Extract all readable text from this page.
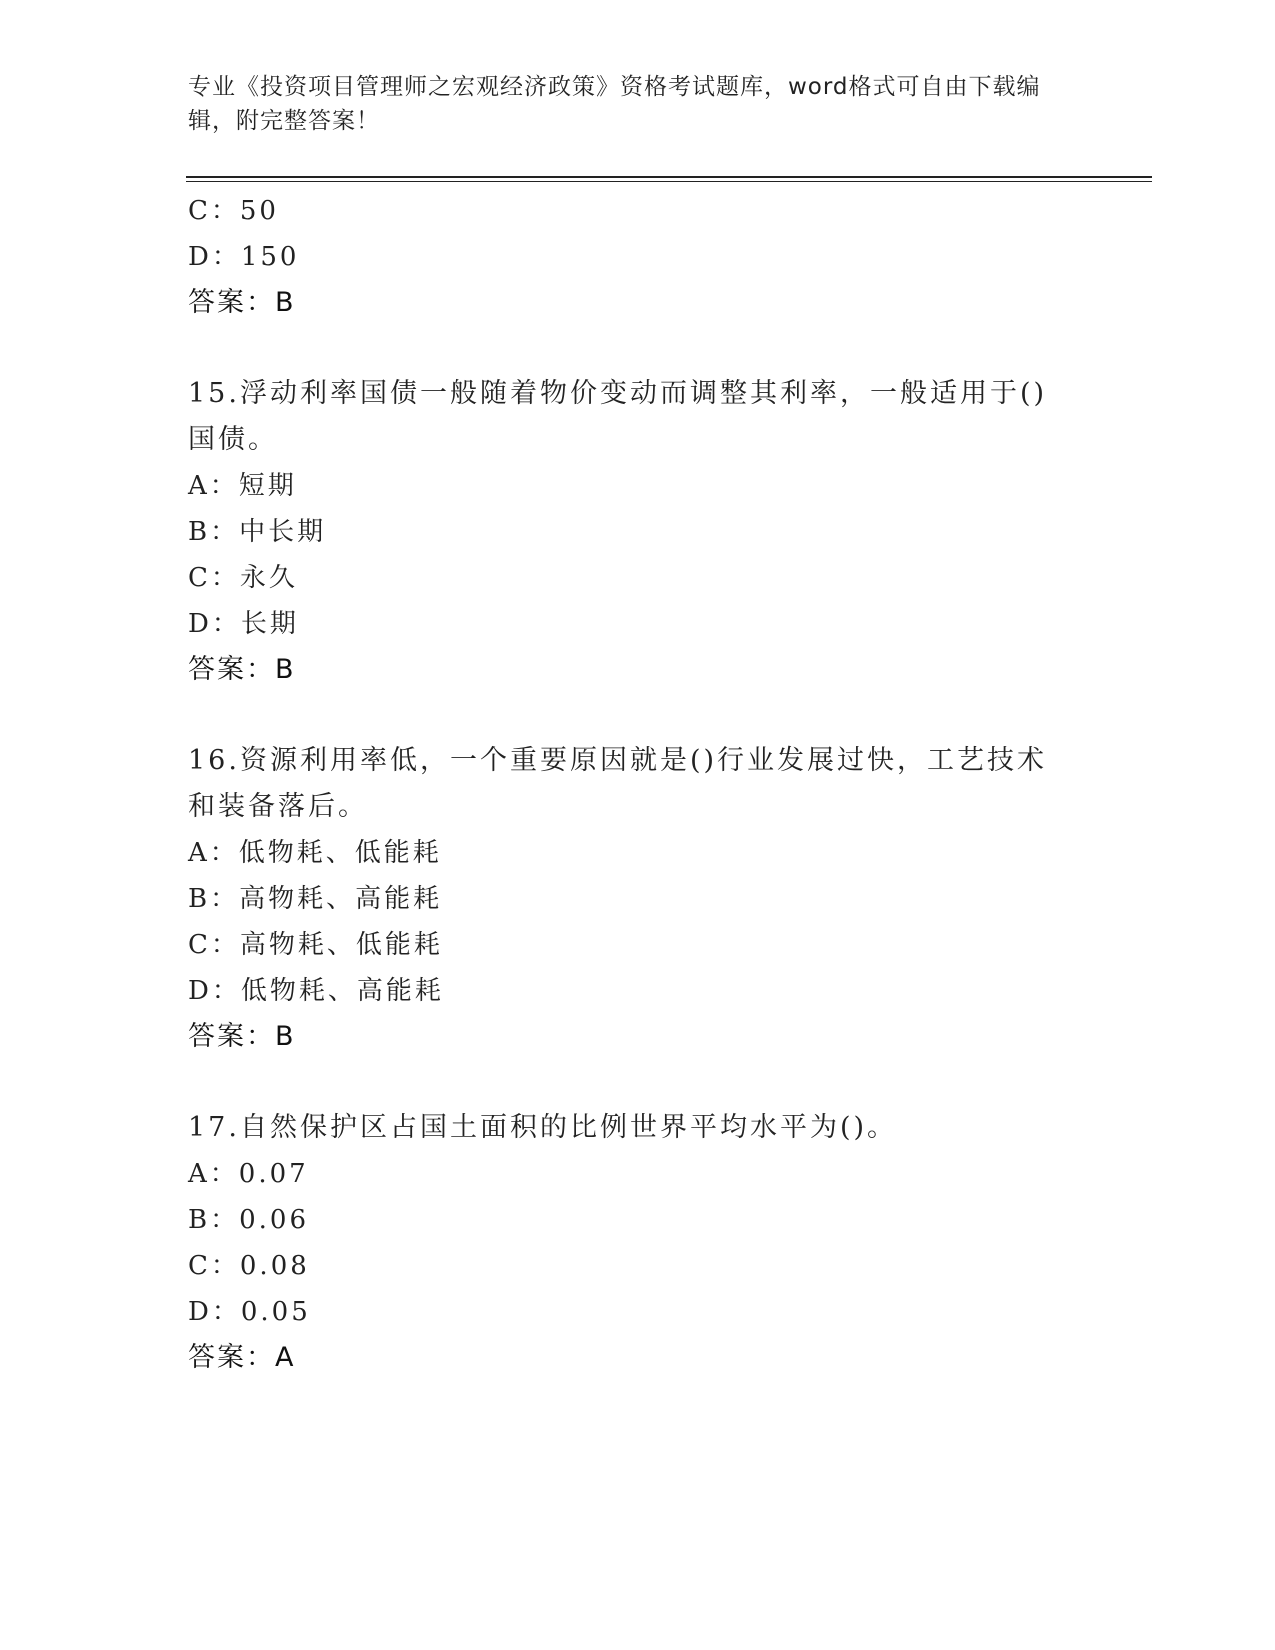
专业《投资项目管理师之宏观经济政策》资格考试题库，word格式可自由下载编辑，附完整答案！
C：50
D：150
答案：B
15.浮动利率国债一般随着物价变动而调整其利率，一般适用于()国债。
A：短期
B：中长期
C：永久
D：长期
答案：B
16.资源利用率低，一个重要原因就是()行业发展过快，工艺技术和装备落后。
A：低物耗、低能耗
B：高物耗、高能耗
C：高物耗、低能耗
D：低物耗、高能耗
答案：B
17.自然保护区占国土面积的比例世界平均水平为()。
A：0.07
B：0.06
C：0.08
D：0.05
答案：A
